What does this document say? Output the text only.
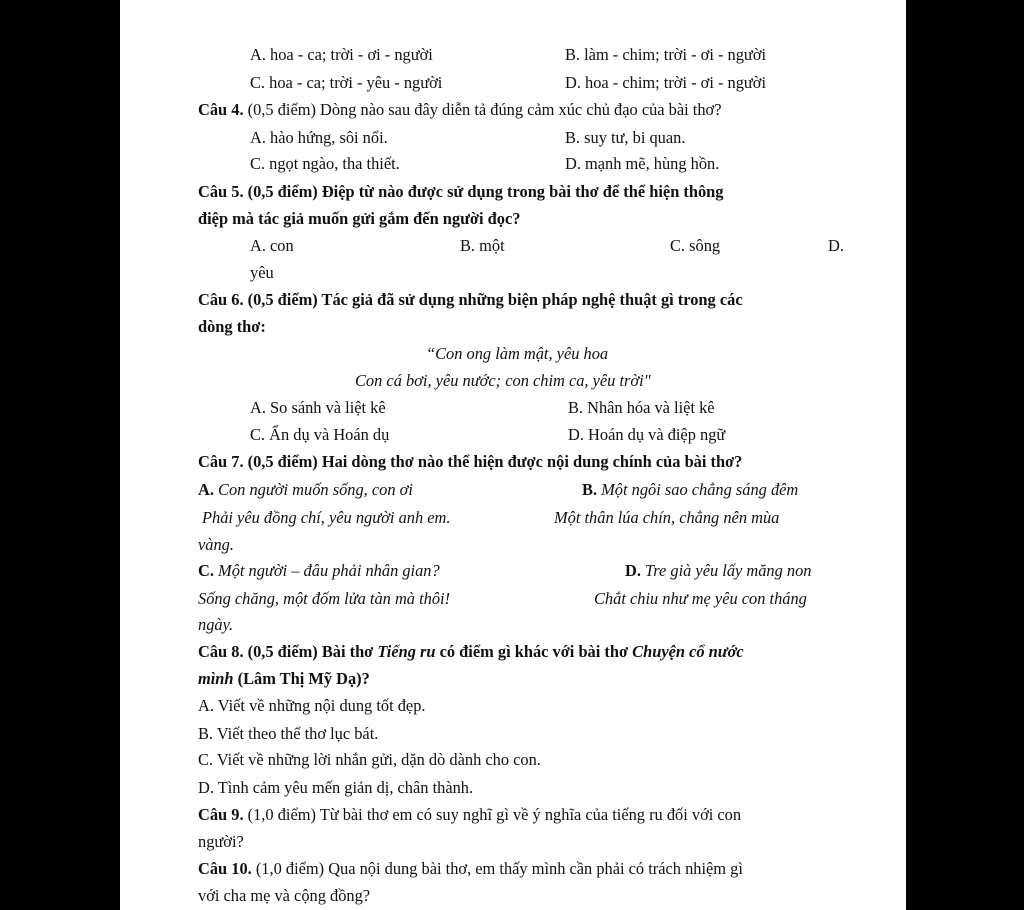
A. hoa - ca; trời - ơi - người	B. làm - chim; trời - ơi - người
C. hoa - ca; trời - yêu - người	D. hoa - chim; trời - ơi - người
Câu 4. (0,5 điểm) Dòng nào sau đây diễn tả đúng cảm xúc chủ đạo của bài thơ?
A. hào hứng, sôi nổi.	B. suy tư, bi quan.
C. ngọt ngào, tha thiết.	D. mạnh mẽ, hùng hồn.
Câu 5. (0,5 điểm) Điệp từ nào được sử dụng trong bài thơ để thể hiện thông
điệp mà tác giả muốn gửi gắm đến người đọc?
A. con	B. một	C. sông	D.
yêu
Câu 6. (0,5 điểm) Tác giả đã sử dụng những biện pháp nghệ thuật gì trong các
dòng thơ:
“Con ong làm mật, yêu hoa
Con cá bơi, yêu nước; con chim ca, yêu trời"
A. So sánh và liệt kê	B. Nhân hóa và liệt kê
C. Ẩn dụ và Hoán dụ	D. Hoán dụ và điệp ngữ
Câu 7. (0,5 điểm) Hai dòng thơ nào thể hiện được nội dung chính của bài thơ?
A. Con người muốn sống, con ơi
Phải yêu đồng chí, yêu người anh em.
B. Một ngôi sao chẳng sáng đêm
Một thân lúa chín, chẳng nên mùa
vàng.
C. Một người – đâu phải nhân gian?
Sống chăng, một đốm lửa tàn mà thôi!
D. Tre già yêu lấy măng non
Chắt chiu như mẹ yêu con tháng
ngày.
Câu 8. (0,5 điểm) Bài thơ Tiếng ru có điểm gì khác với bài thơ Chuyện cổ nước
mình (Lâm Thị Mỹ Dạ)?
A. Viết về những nội dung tốt đẹp.
B. Viết theo thể thơ lục bát.
C. Viết về những lời nhắn gửi, dặn dò dành cho con.
D. Tình cảm yêu mến giản dị, chân thành.
Câu 9. (1,0 điểm) Từ bài thơ em có suy nghĩ gì về ý nghĩa của tiếng ru đối với con
người?
Câu 10. (1,0 điểm) Qua nội dung bài thơ, em thấy mình cần phải có trách nhiệm gì
với cha mẹ và cộng đồng?
